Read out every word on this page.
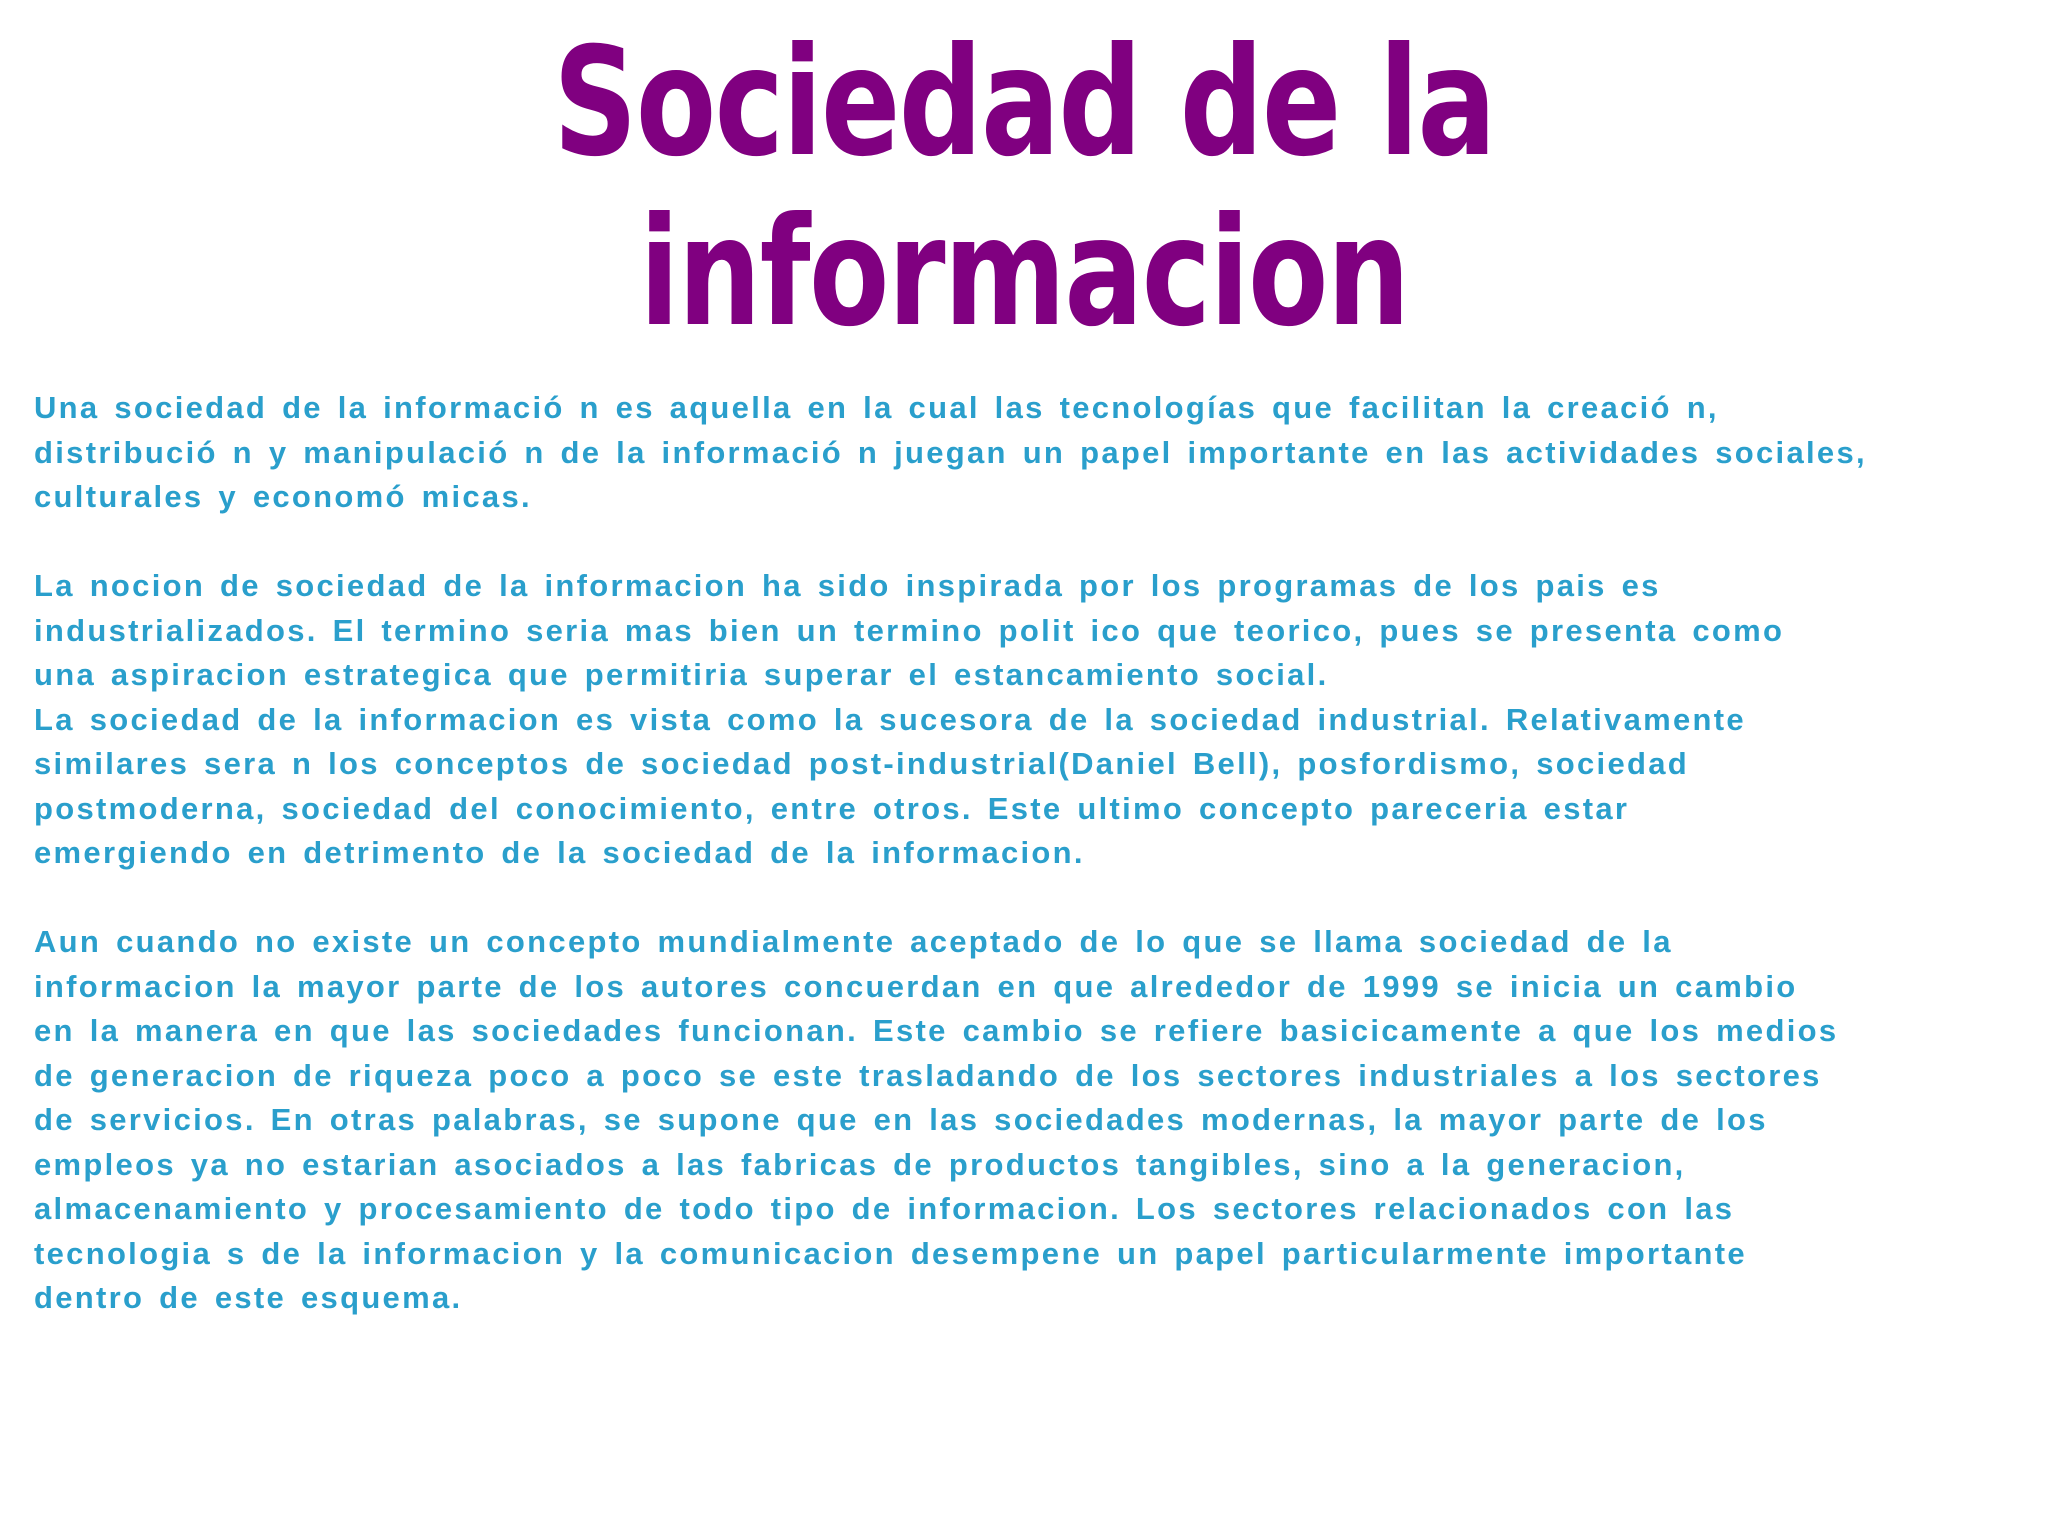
Sociedad de la informacion

Una sociedad de la informació n es aquella en la cual las tecnologías que facilitan la creació n,
distribució n y manipulació n de la informació n juegan un papel importante en las actividades sociales,
culturales y economó micas.

La nocion de sociedad de la informacion ha sido inspirada por los programas de los pais es
industrializados. El termino seria mas bien un termino polit ico que teorico, pues se presenta como
una aspiracion estrategica que permitiria superar el estancamiento social.
La sociedad de la informacion es vista como la sucesora de la sociedad industrial. Relativamente
similares sera n los conceptos de sociedad post-industrial(Daniel Bell), posfordismo, sociedad
postmoderna, sociedad del conocimiento, entre otros. Este ultimo concepto pareceria estar
emergiendo en detrimento de la sociedad de la informacion.

Aun cuando no existe un concepto mundialmente aceptado de lo que se llama sociedad de la
informacion la mayor parte de los autores concuerdan en que alrededor de 1999 se inicia un cambio
en la manera en que las sociedades funcionan. Este cambio se refiere basicicamente a que los medios
de generacion de riqueza poco a poco se este trasladando de los sectores industriales a los sectores
de servicios. En otras palabras, se supone que en las sociedades modernas, la mayor parte de los
empleos ya no estarian asociados a las fabricas de productos tangibles, sino a la generacion,
almacenamiento y procesamiento de todo tipo de informacion. Los sectores relacionados con las
tecnologia s de la informacion y la comunicacion desempene un papel particularmente importante
dentro de este esquema.
